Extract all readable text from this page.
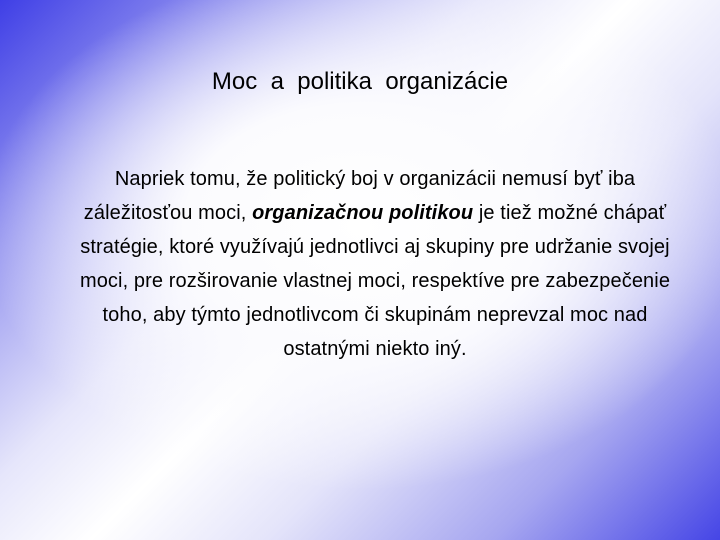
Moc  a  politika  organizácie
Napriek tomu, že politický boj v organizácii nemusí byť iba záležitosťou moci, organizačnou politikou je tiež možné chápať stratégie, ktoré využívajú jednotlivci aj skupiny pre udržanie svojej moci, pre rozširovanie vlastnej moci, respektíve pre zabezpečenie toho, aby týmto jednotlivcom či skupinám neprevzal moc nad ostatnými niekto iný.
